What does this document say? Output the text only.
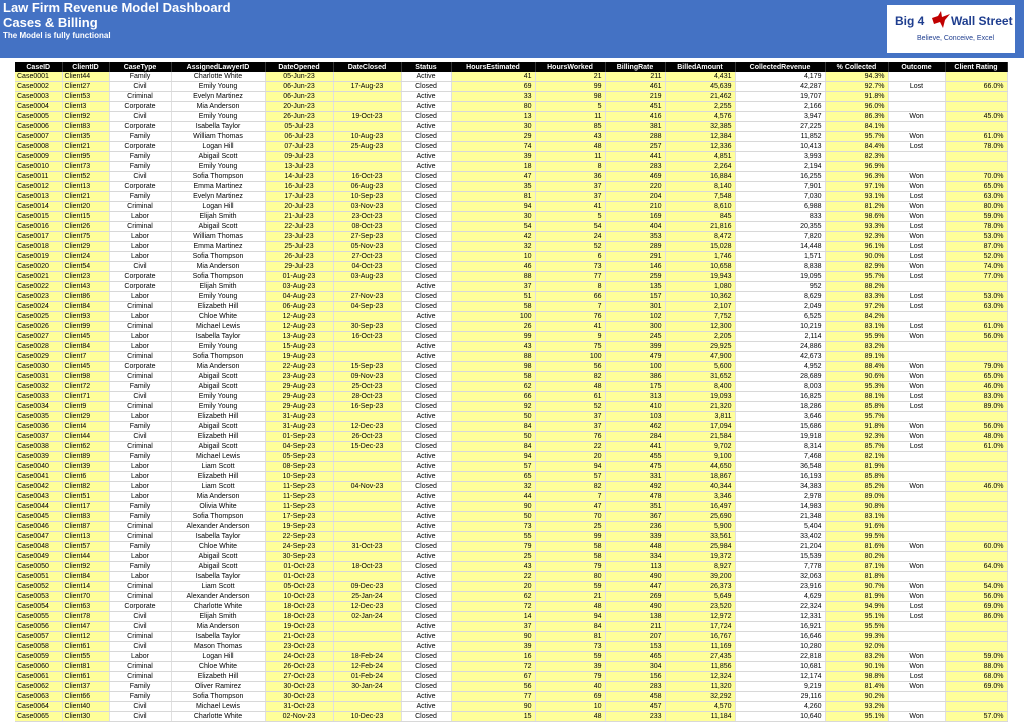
Law Firm Revenue Model Dashboard
Cases & Billing
The Model is fully functional
Big 4 Wall Street
Believe, Conceive, Excel
CaseID	ClientID	CaseType	AssignedLawyerID	DateOpened	DateClosed	Status	HoursEstimated	HoursWorked	BillingRate	BilledAmount	CollectedRevenue	% Collected	Outcome	Client Rating
Case0001	Client44	Family	Charlotte White	05-Jun-23		Active	41	21	211	4,431	4,179	94.3%		
Case0002	Client27	Civil	Emily Young	06-Jun-23	17-Aug-23	Closed	69	99	461	45,639	42,287	92.7%	Lost	66.0%
Case0003	Client53	Criminal	Evelyn Martinez	06-Jun-23		Active	33	98	219	21,462	19,707	91.8%		
Case0004	Client3	Corporate	Mia Anderson	20-Jun-23		Active	80	5	451	2,255	2,166	96.0%		
Case0005	Client92	Civil	Emily Young	26-Jun-23	19-Oct-23	Closed	13	11	416	4,576	3,947	86.3%	Won	45.0%
Case0006	Client83	Corporate	Isabella Taylor	05-Jul-23		Active	30	85	381	32,385	27,225	84.1%		
Case0007	Client35	Family	William Thomas	06-Jul-23	10-Aug-23	Closed	29	43	288	12,384	11,852	95.7%	Won	61.0%
Case0008	Client21	Corporate	Logan Hill	07-Jul-23	25-Aug-23	Closed	74	48	257	12,336	10,413	84.4%	Lost	78.0%
Case0009	Client95	Family	Abigail Scott	09-Jul-23		Active	39	11	441	4,851	3,993	82.3%		
Case0010	Client73	Family	Emily Young	13-Jul-23		Active	18	8	283	2,264	2,194	96.9%		
Case0011	Client52	Civil	Sofia Thompson	14-Jul-23	16-Oct-23	Closed	47	36	469	16,884	16,255	96.3%	Won	70.0%
Case0012	Client13	Corporate	Emma Martinez	16-Jul-23	06-Aug-23	Closed	35	37	220	8,140	7,901	97.1%	Won	65.0%
Case0013	Client21	Family	Evelyn Martinez	17-Jul-23	10-Sep-23	Closed	81	37	204	7,548	7,030	93.1%	Lost	63.0%
Case0014	Client20	Criminal	Logan Hill	20-Jul-23	03-Nov-23	Closed	94	41	210	8,610	6,988	81.2%	Won	80.0%
Case0015	Client15	Labor	Elijah Smith	21-Jul-23	23-Oct-23	Closed	30	5	169	845	833	98.6%	Won	59.0%
Case0016	Client26	Criminal	Abigail Scott	22-Jul-23	08-Oct-23	Closed	54	54	404	21,816	20,355	93.3%	Lost	78.0%
Case0017	Client75	Labor	William Thomas	23-Jul-23	27-Sep-23	Closed	42	24	353	8,472	7,820	92.3%	Won	53.0%
Case0018	Client29	Labor	Emma Martinez	25-Jul-23	05-Nov-23	Closed	32	52	289	15,028	14,448	96.1%	Lost	87.0%
Case0019	Client24	Labor	Sofia Thompson	26-Jul-23	27-Oct-23	Closed	10	6	291	1,746	1,571	90.0%	Lost	52.0%
Case0020	Client54	Civil	Mia Anderson	29-Jul-23	04-Oct-23	Closed	46	73	146	10,658	8,838	82.9%	Won	74.0%
Case0021	Client23	Corporate	Sofia Thompson	01-Aug-23	03-Aug-23	Closed	88	77	259	19,943	19,095	95.7%	Lost	77.0%
Case0022	Client43	Corporate	Elijah Smith	03-Aug-23		Active	37	8	135	1,080	952	88.2%		
Case0023	Client86	Labor	Emily Young	04-Aug-23	27-Nov-23	Closed	51	66	157	10,362	8,629	83.3%	Lost	53.0%
Case0024	Client84	Criminal	Elizabeth Hill	06-Aug-23	04-Sep-23	Closed	58	7	301	2,107	2,049	97.2%	Lost	63.0%
Case0025	Client93	Labor	Chloe White	12-Aug-23		Active	100	76	102	7,752	6,525	84.2%		
Case0026	Client99	Criminal	Michael Lewis	12-Aug-23	30-Sep-23	Closed	26	41	300	12,300	10,219	83.1%	Lost	61.0%
Case0027	Client45	Labor	Isabella Taylor	13-Aug-23	16-Oct-23	Closed	99	9	245	2,205	2,114	95.9%	Won	56.0%
Case0028	Client84	Labor	Emily Young	15-Aug-23		Active	43	75	399	29,925	24,886	83.2%		
Case0029	Client7	Criminal	Sofia Thompson	19-Aug-23		Active	88	100	479	47,900	42,673	89.1%		
Case0030	Client45	Corporate	Mia Anderson	22-Aug-23	15-Sep-23	Closed	98	56	100	5,600	4,952	88.4%	Won	79.0%
Case0031	Client98	Criminal	Abigail Scott	23-Aug-23	09-Nov-23	Closed	58	82	386	31,652	28,689	90.6%	Won	65.0%
Case0032	Client72	Family	Abigail Scott	29-Aug-23	25-Oct-23	Closed	62	48	175	8,400	8,003	95.3%	Won	46.0%
Case0033	Client71	Civil	Emily Young	29-Aug-23	28-Oct-23	Closed	66	61	313	19,093	16,825	88.1%	Lost	83.0%
Case0034	Client9	Criminal	Emily Young	29-Aug-23	16-Sep-23	Closed	92	52	410	21,320	18,286	85.8%	Lost	89.0%
Case0035	Client29	Labor	Elizabeth Hill	31-Aug-23		Active	50	37	103	3,811	3,646	95.7%		
Case0036	Client4	Family	Abigail Scott	31-Aug-23	12-Dec-23	Closed	84	37	462	17,094	15,686	91.8%	Won	56.0%
Case0037	Client44	Civil	Elizabeth Hill	01-Sep-23	26-Oct-23	Closed	50	76	284	21,584	19,918	92.3%	Won	48.0%
Case0038	Client62	Criminal	Abigail Scott	04-Sep-23	15-Dec-23	Closed	84	22	441	9,702	8,314	85.7%	Lost	61.0%
Case0039	Client89	Family	Michael Lewis	05-Sep-23		Active	94	20	455	9,100	7,468	82.1%		
Case0040	Client39	Labor	Liam Scott	08-Sep-23		Active	57	94	475	44,650	36,548	81.9%		
Case0041	Client6	Labor	Elizabeth Hill	10-Sep-23		Active	65	57	331	18,867	16,193	85.8%		
Case0042	Client82	Labor	Liam Scott	11-Sep-23	04-Nov-23	Closed	32	82	492	40,344	34,383	85.2%	Won	46.0%
Case0043	Client51	Labor	Mia Anderson	11-Sep-23		Active	44	7	478	3,346	2,978	89.0%		
Case0044	Client17	Family	Olivia White	11-Sep-23		Active	90	47	351	16,497	14,983	90.8%		
Case0045	Client83	Family	Sofia Thompson	17-Sep-23		Active	50	70	367	25,690	21,348	83.1%		
Case0046	Client87	Criminal	Alexander Anderson	19-Sep-23		Active	73	25	236	5,900	5,404	91.6%		
Case0047	Client13	Criminal	Isabella Taylor	22-Sep-23		Active	55	99	339	33,561	33,402	99.5%		
Case0048	Client57	Family	Chloe White	24-Sep-23	31-Oct-23	Closed	79	58	448	25,984	21,204	81.6%	Won	60.0%
Case0049	Client44	Labor	Abigail Scott	30-Sep-23		Active	25	58	334	19,372	15,539	80.2%		
Case0050	Client92	Family	Abigail Scott	01-Oct-23	18-Oct-23	Closed	43	79	113	8,927	7,778	87.1%	Won	64.0%
Case0051	Client84	Labor	Isabella Taylor	01-Oct-23		Active	22	80	490	39,200	32,063	81.8%		
Case0052	Client14	Criminal	Liam Scott	05-Oct-23	09-Dec-23	Closed	20	59	447	26,373	23,916	90.7%	Won	54.0%
Case0053	Client70	Criminal	Alexander Anderson	10-Oct-23	25-Jan-24	Closed	62	21	269	5,649	4,629	81.9%	Won	56.0%
Case0054	Client63	Corporate	Charlotte White	18-Oct-23	12-Dec-23	Closed	72	48	490	23,520	22,324	94.9%	Lost	69.0%
Case0055	Client78	Civil	Elijah Smith	18-Oct-23	02-Jan-24	Closed	14	94	138	12,972	12,331	95.1%	Lost	86.0%
Case0056	Client47	Civil	Mia Anderson	19-Oct-23		Active	37	84	211	17,724	16,921	95.5%		
Case0057	Client12	Criminal	Isabella Taylor	21-Oct-23		Active	90	81	207	16,767	16,646	99.3%		
Case0058	Client61	Civil	Mason Thomas	23-Oct-23		Active	39	73	153	11,169	10,280	92.0%		
Case0059	Client55	Labor	Logan Hill	24-Oct-23	18-Feb-24	Closed	16	59	465	27,435	22,818	83.2%	Won	59.0%
Case0060	Client81	Criminal	Chloe White	26-Oct-23	12-Feb-24	Closed	72	39	304	11,856	10,681	90.1%	Won	88.0%
Case0061	Client61	Criminal	Elizabeth Hill	27-Oct-23	01-Feb-24	Closed	67	79	156	12,324	12,174	98.8%	Lost	68.0%
Case0062	Client37	Family	Oliver Ramirez	30-Oct-23	30-Jan-24	Closed	56	40	283	11,320	9,219	81.4%	Won	69.0%
Case0063	Client66	Family	Sofia Thompson	30-Oct-23		Active	77	69	458	32,292	29,116	90.2%		
Case0064	Client40	Civil	Michael Lewis	31-Oct-23		Active	90	10	457	4,570	4,260	93.2%		
Case0065	Client30	Civil	Charlotte White	02-Nov-23	10-Dec-23	Closed	15	48	233	11,184	10,640	95.1%	Won	57.0%
